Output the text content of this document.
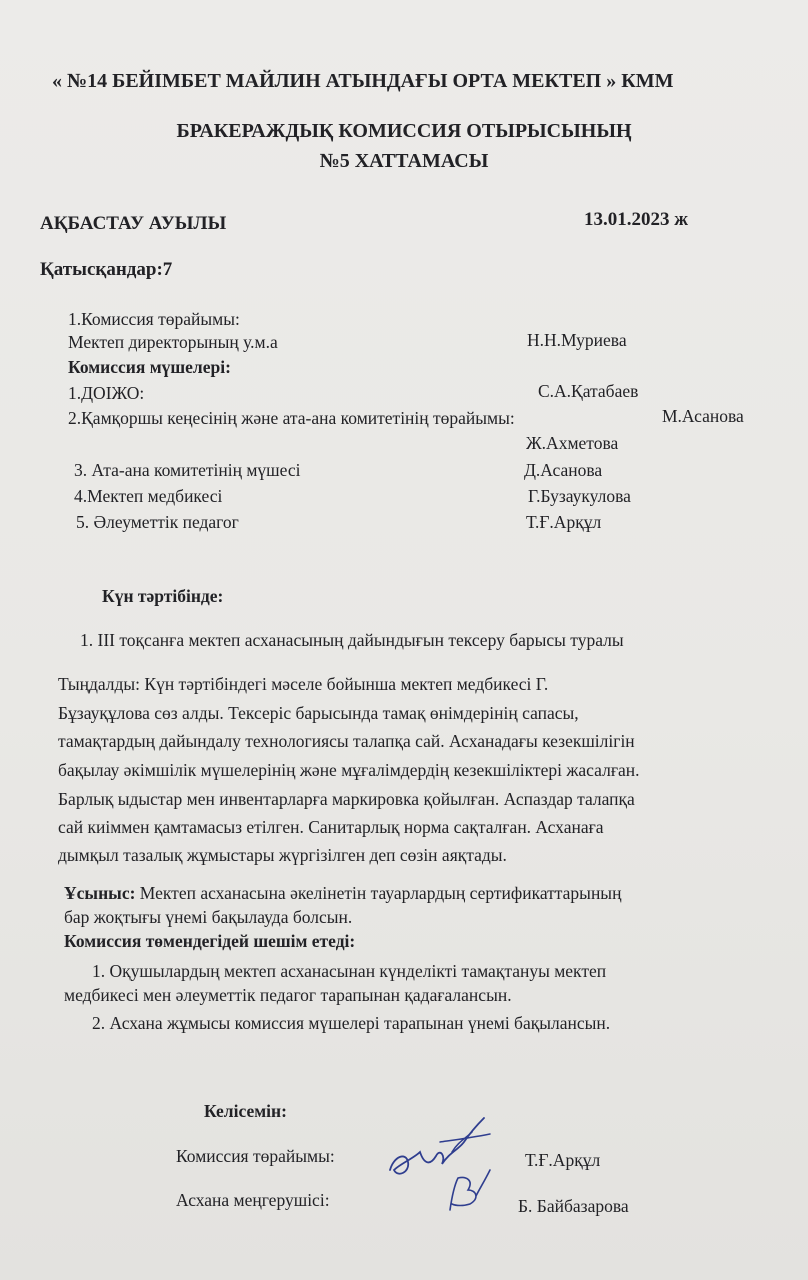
« №14 БЕЙІМБЕТ МАЙЛИН АТЫНДАҒЫ ОРТА МЕКТЕП » КММ
БРАКЕРАЖДЫҚ КОМИССИЯ ОТЫРЫСЫНЫҢ
№5 ХАТТАМАСЫ
АҚБАСТАУ АУЫЛЫ	13.01.2023 ж
Қатысқандар:7
1.Комиссия төрайымы:
Мектеп директорының у.м.а	Н.Н.Муриева
Комиссия мүшелері:
1.ДОІЖО:	С.А.Қатабаев
2.Қамқоршы кеңесінің және ата-ана комитетінің төрайымы:	М.Асанова
Ж.Ахметова
3. Ата-ана комитетінің мүшесі	Д.Асанова
4.Мектеп медбикесі	Г.Бузаукулова
5. Әлеуметтік педагог	Т.Ғ.Арқұл
Күн тәртібінде:
1. ІІІ тоқсанға мектеп асханасының дайындығын тексеру барысы туралы
Тыңдалды: Күн тәртібіндегі мәселе бойынша мектеп медбикесі Г.
Бұзауқұлова сөз алды. Тексеріс барысында тамақ өнімдерінің сапасы,
тамақтардың дайындалу технологиясы талапқа сай. Асханадағы кезекшілігін
бақылау әкімшілік мүшелерінің және мұғалімдердің кезекшіліктері жасалған.
Барлық ыдыстар мен инвентарларға маркировка қойылған. Аспаздар талапқа
сай киіммен қамтамасыз етілген. Санитарлық норма сақталған. Асханаға
дымқыл тазалық жұмыстары жүргізілген деп сөзін аяқтады.
Ұсыныс: Мектеп асханасына әкелінетін тауарлардың сертификаттарының
бар жоқтығы үнемі бақылауда болсын.
Комиссия төмендегідей шешім етеді:
1. Оқушылардың мектеп асханасынан күнделікті тамақтануы мектеп
медбикесі мен әлеуметтік педагог тарапынан қадағалансын.
2. Асхана жұмысы комиссия мүшелері тарапынан үнемі бақылансын.
Келісемін:
Комиссия төрайымы:	Т.Ғ.Арқұл
Асхана меңгерушісі:	Б. Байбазарова
